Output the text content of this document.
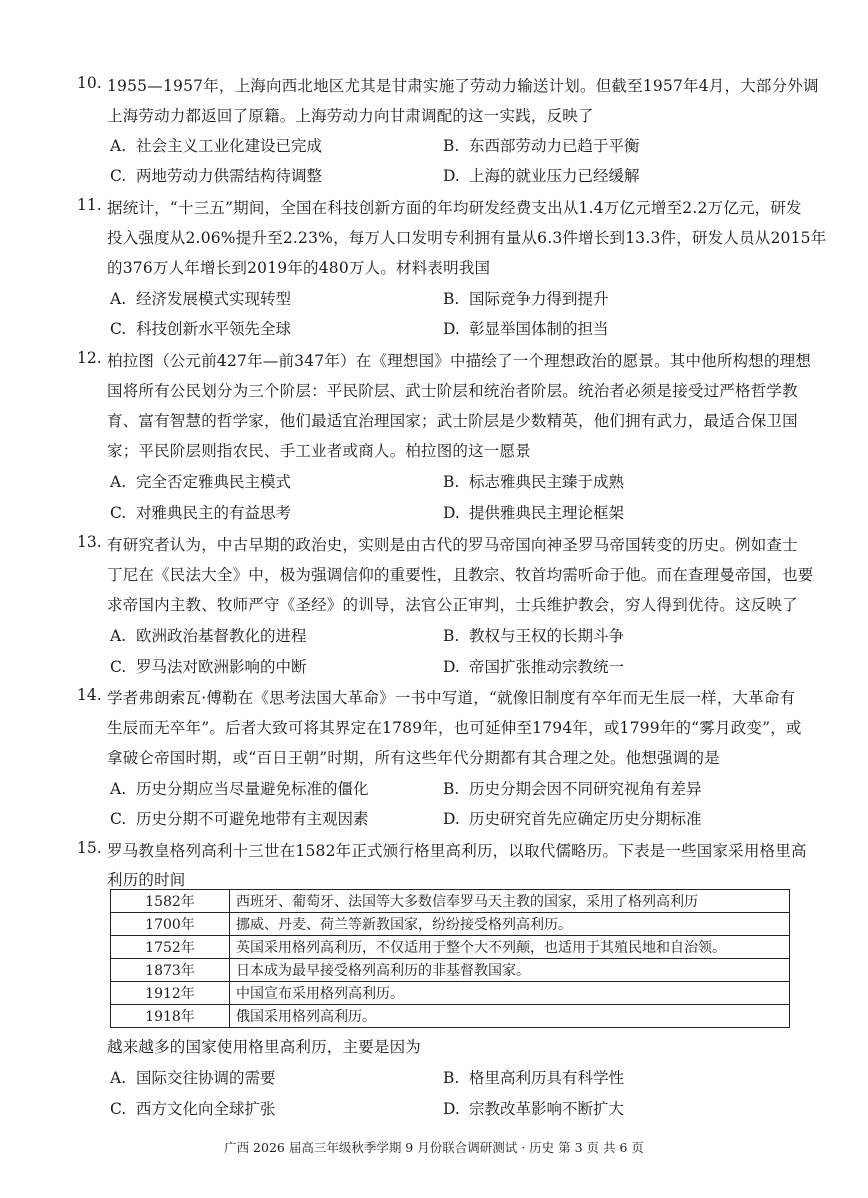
10. 1955—1957年，上海向西北地区尤其是甘肃实施了劳动力输送计划。但截至1957年4月，大部分外调
上海劳动力都返回了原籍。上海劳动力向甘肃调配的这一实践，反映了
A. 社会主义工业化建设已完成	B. 东西部劳动力已趋于平衡
C. 两地劳动力供需结构待调整	D. 上海的就业压力已经缓解
11. 据统计，“十三五”期间，全国在科技创新方面的年均研发经费支出从1.4万亿元增至2.2万亿元，研发
投入强度从2.06%提升至2.23%，每万人口发明专利拥有量从6.3件增长到13.3件，研发人员从2015年
的376万人年增长到2019年的480万人。材料表明我国
A. 经济发展模式实现转型	B. 国际竞争力得到提升
C. 科技创新水平领先全球	D. 彰显举国体制的担当
12. 柏拉图（公元前427年—前347年）在《理想国》中描绘了一个理想政治的愿景。其中他所构想的理想
国将所有公民划分为三个阶层：平民阶层、武士阶层和统治者阶层。统治者必须是接受过严格哲学教
育、富有智慧的哲学家，他们最适宜治理国家；武士阶层是少数精英，他们拥有武力，最适合保卫国
家；平民阶层则指农民、手工业者或商人。柏拉图的这一愿景
A. 完全否定雅典民主模式	B. 标志雅典民主臻于成熟
C. 对雅典民主的有益思考	D. 提供雅典民主理论框架
13. 有研究者认为，中古早期的政治史，实则是由古代的罗马帝国向神圣罗马帝国转变的历史。例如查士
丁尼在《民法大全》中，极为强调信仰的重要性，且教宗、牧首均需听命于他。而在查理曼帝国，也要
求帝国内主教、牧师严守《圣经》的训导，法官公正审判，士兵维护教会，穷人得到优待。这反映了
A. 欧洲政治基督教化的进程	B. 教权与王权的长期斗争
C. 罗马法对欧洲影响的中断	D. 帝国扩张推动宗教统一
14. 学者弗朗索瓦·傅勒在《思考法国大革命》一书中写道，“就像旧制度有卒年而无生辰一样，大革命有
生辰而无卒年”。后者大致可将其界定在1789年，也可延伸至1794年，或1799年的“雾月政变”，或
拿破仑帝国时期，或“百日王朝”时期，所有这些年代分期都有其合理之处。他想强调的是
A. 历史分期应当尽量避免标准的僵化	B. 历史分期会因不同研究视角有差异
C. 历史分期不可避免地带有主观因素	D. 历史研究首先应确定历史分期标准
15. 罗马教皇格列高利十三世在1582年正式颁行格里高利历，以取代儒略历。下表是一些国家采用格里高
利历的时间
1582年	西班牙、葡萄牙、法国等大多数信奉罗马天主教的国家，采用了格列高利历
1700年	挪威、丹麦、荷兰等新教国家，纷纷接受格列高利历。
1752年	英国采用格列高利历，不仅适用于整个大不列颠，也适用于其殖民地和自治领。
1873年	日本成为最早接受格列高利历的非基督教国家。
1912年	中国宣布采用格列高利历。
1918年	俄国采用格列高利历。
越来越多的国家使用格里高利历，主要是因为
A. 国际交往协调的需要	B. 格里高利历具有科学性
C. 西方文化向全球扩张	D. 宗教改革影响不断扩大
广西 2026 届高三年级秋季学期 9 月份联合调研测试 · 历史 第 3 页 共 6 页
